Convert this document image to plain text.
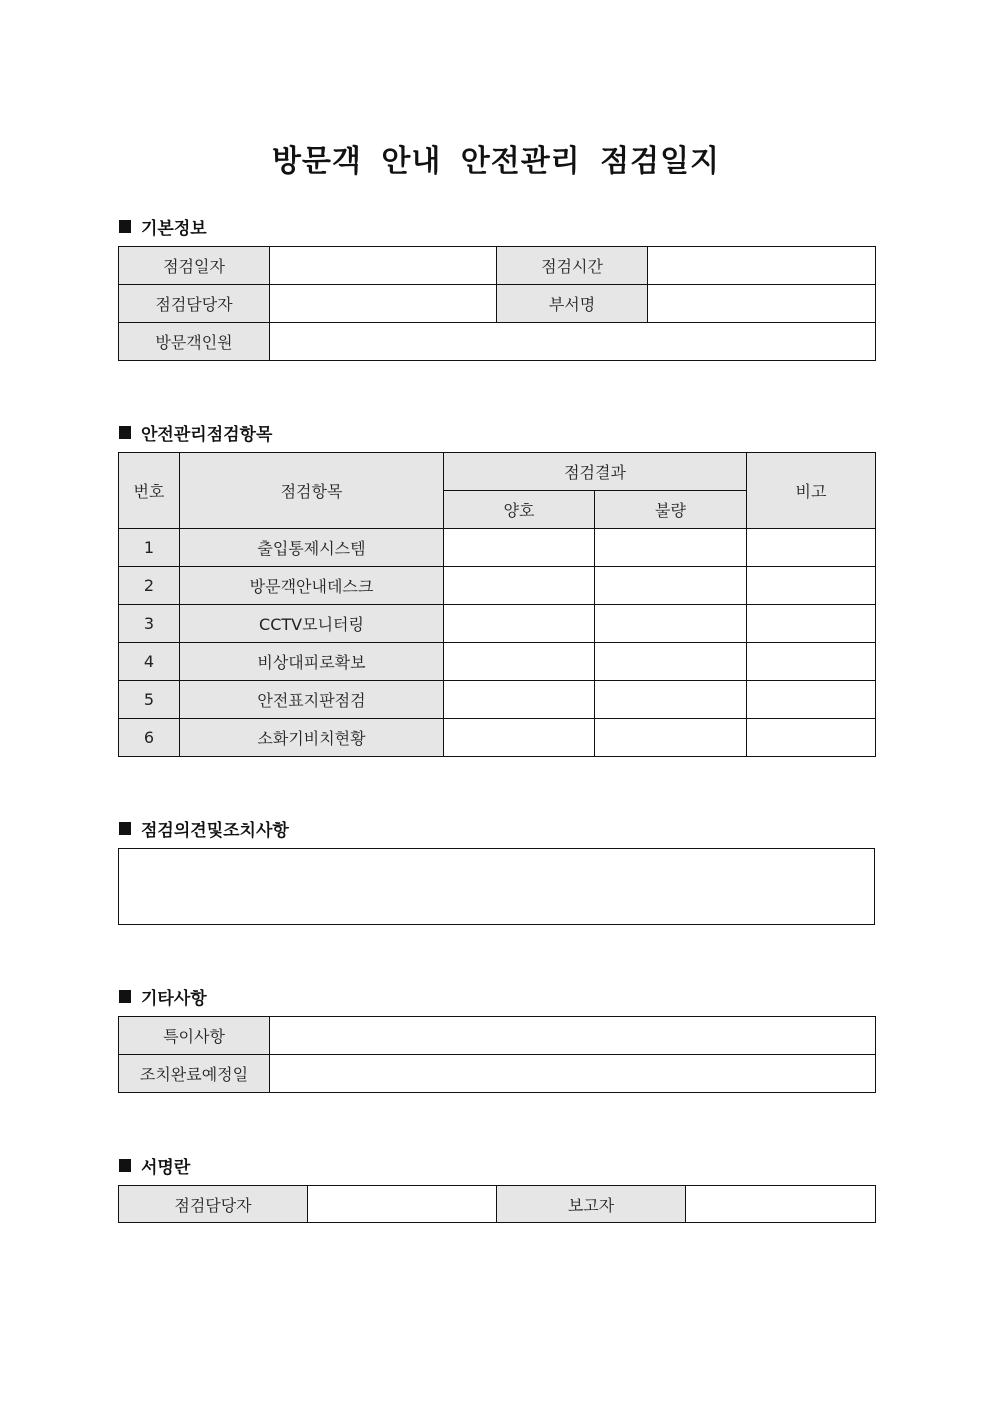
방문객 안내 안전관리 점검일지
기본정보
점검일자		점검시간	
점검담당자		부서명	
방문객인원			
안전관리점검항목
번호	점검항목	점검결과		비고
		양호	불량	
1	출입통제시스템			
2	방문객안내데스크			
3	CCTV모니터링			
4	비상대피로확보			
5	안전표지판점검			
6	소화기비치현황			
점검의견및조치사항
기타사항
특이사항	
조치완료예정일	
서명란
점검담당자		보고자	
